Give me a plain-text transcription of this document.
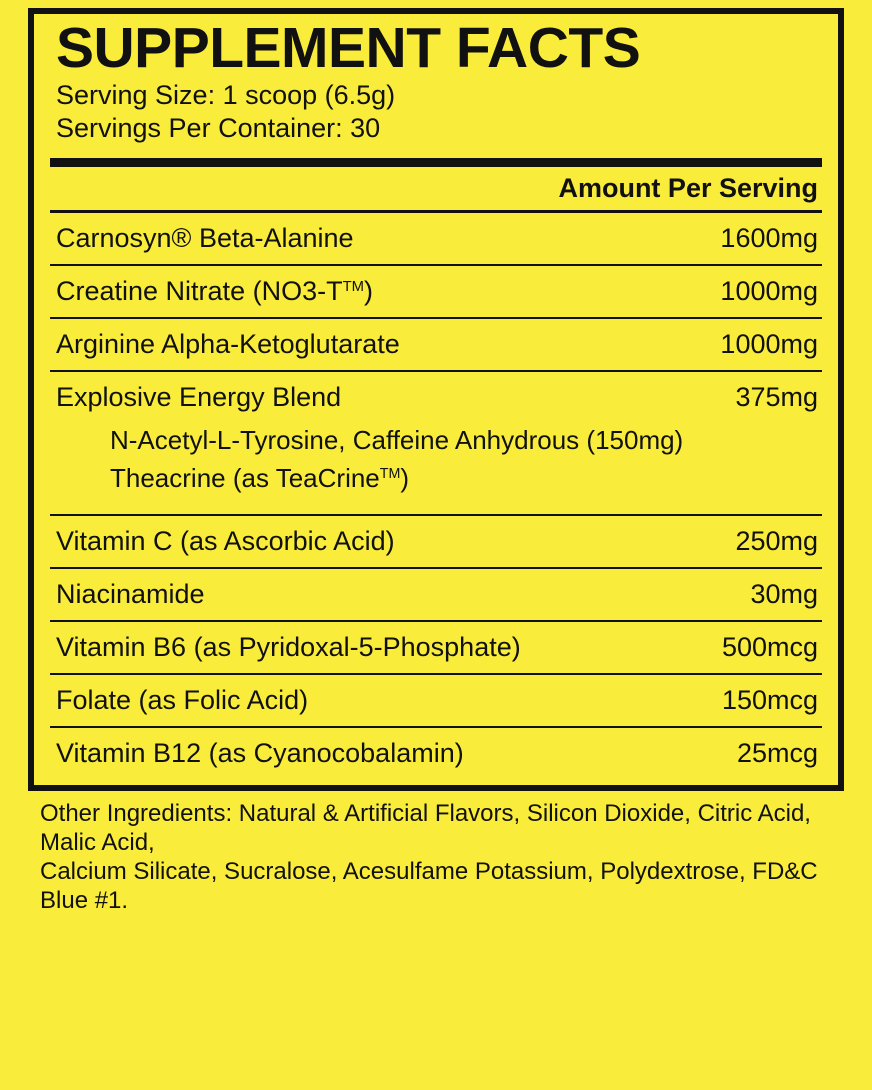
SUPPLEMENT FACTS
Serving Size: 1 scoop (6.5g)
Servings Per Container: 30
Amount Per Serving
Carnosyn® Beta-Alanine	1600mg
Creatine Nitrate (NO3-T™)	1000mg
Arginine Alpha-Ketoglutarate	1000mg
Explosive Energy Blend	375mg
N-Acetyl-L-Tyrosine, Caffeine Anhydrous (150mg)
Theacrine (as TeaCrine™)
Vitamin C (as Ascorbic Acid)	250mg
Niacinamide	30mg
Vitamin B6 (as Pyridoxal-5-Phosphate)	500mcg
Folate (as Folic Acid)	150mcg
Vitamin B12 (as Cyanocobalamin)	25mcg
Other Ingredients: Natural & Artificial Flavors, Silicon Dioxide, Citric Acid, Malic Acid,
Calcium Silicate, Sucralose, Acesulfame Potassium, Polydextrose, FD&C Blue #1.
